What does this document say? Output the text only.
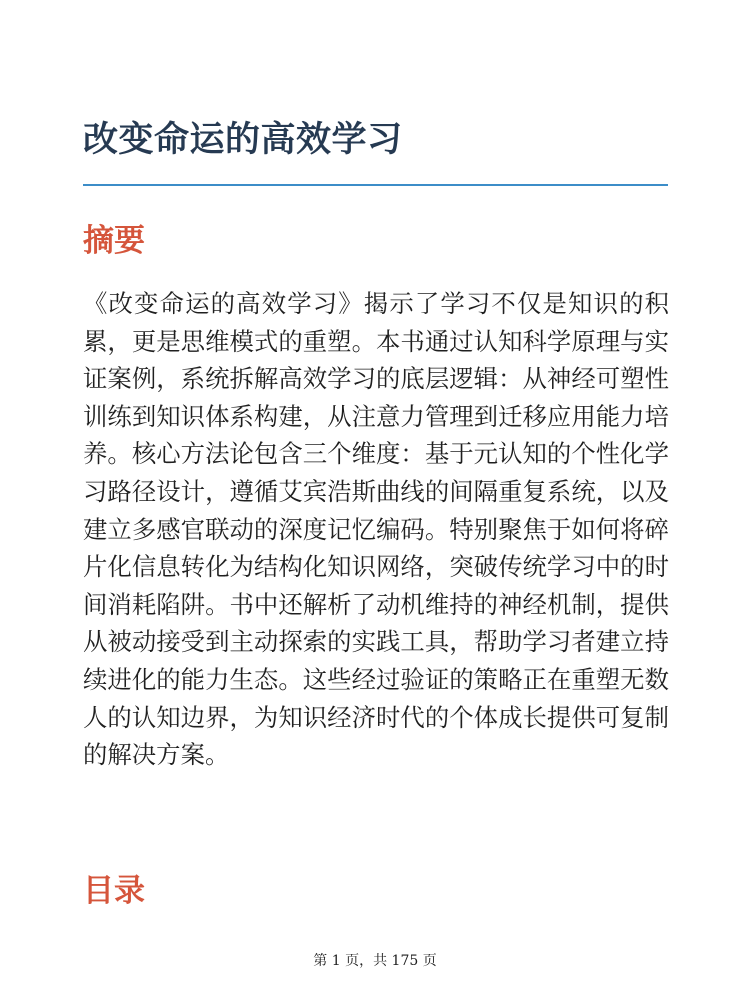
改变命运的高效学习
摘要

《改变命运的高效学习》揭示了学习不仅是知识的积累，更是思维模式的重塑。本书通过认知科学原理与实证案例，系统拆解高效学习的底层逻辑：从神经可塑性训练到知识体系构建，从注意力管理到迁移应用能力培养。核心方法论包含三个维度：基于元认知的个性化学习路径设计，遵循艾宾浩斯曲线的间隔重复系统，以及建立多感官联动的深度记忆编码。特别聚焦于如何将碎片化信息转化为结构化知识网络，突破传统学习中的时间消耗陷阱。书中还解析了动机维持的神经机制，提供从被动接受到主动探索的实践工具，帮助学习者建立持续进化的能力生态。这些经过验证的策略正在重塑无数人的认知边界，为知识经济时代的个体成长提供可复制的解决方案。

目录
第 1 页，共 175 页
